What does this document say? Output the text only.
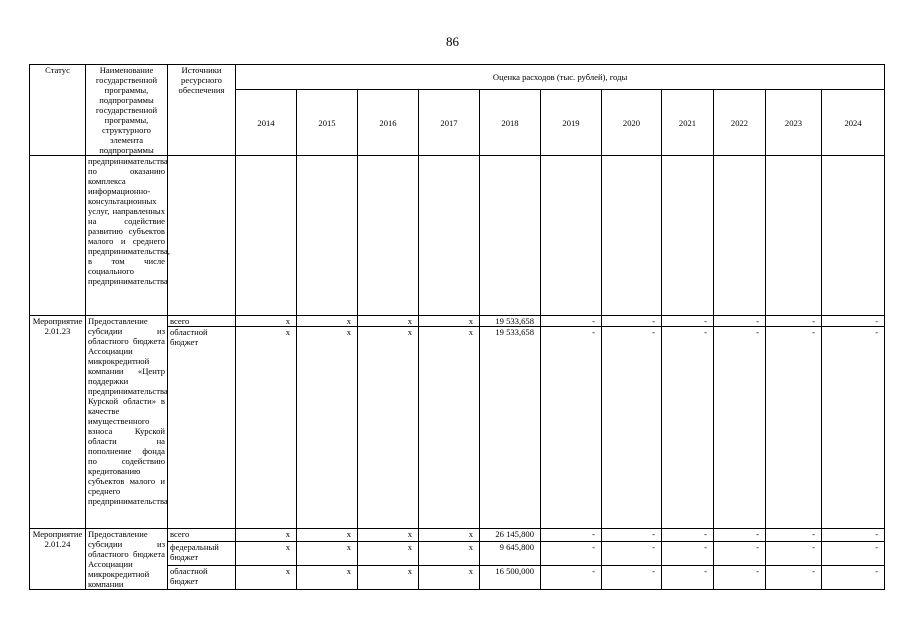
86
Статус	Наименование государственной программы, подпрограммы государственной программы, структурного элемента подпрограммы	Источники ресурсного обеспечения	Оценка расходов (тыс. рублей), годы										
			2014	2015	2016	2017	2018	2019	2020	2021	2022	2023	2024
	предпринимательства по оказанию комплекса информационно-консультационных услуг, направленных на содействие развитию субъектов малого и среднего предпринимательства, в том числе социального предпринимательства												
Мероприятие 2.01.23	Предоставление субсидии из областного бюджета Ассоциации микрокредитной компании «Центр поддержки предпринимательства Курской области» в качестве имущественного взноса Курской области на пополнение фонда по содействию кредитованию субъектов малого и среднего предпринимательства	всего	x	x	x	x	19 533,658	-	-	-	-	-	-
		областной бюджет	x	x	x	x	19 533,658	-	-	-	-	-	-
Мероприятие 2.01.24	Предоставление субсидии из областного бюджета Ассоциации микрокредитной компании	всего	x	x	x	x	26 145,800	-	-	-	-	-	-
		федеральный бюджет	x	x	x	x	9 645,800	-	-	-	-	-	-
		областной бюджет	x	x	x	x	16 500,000	-	-	-	-	-	-
